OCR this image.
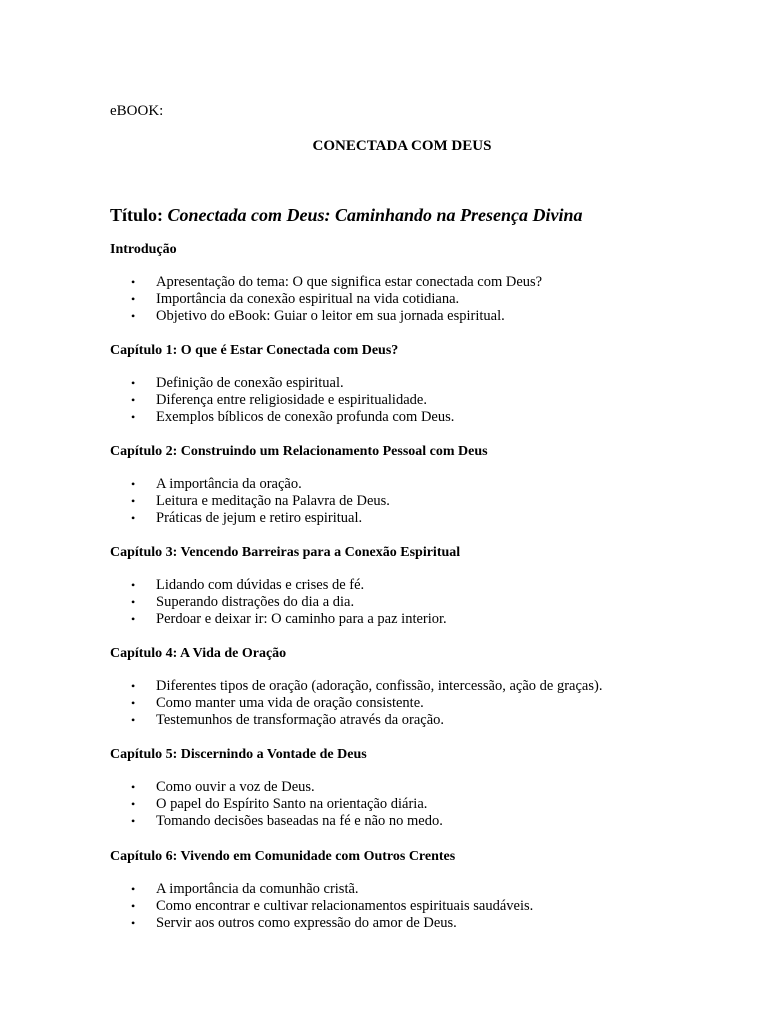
eBOOK:
CONECTADA COM DEUS
Título: Conectada com Deus: Caminhando na Presença Divina
Introdução
• Apresentação do tema: O que significa estar conectada com Deus?
• Importância da conexão espiritual na vida cotidiana.
• Objetivo do eBook: Guiar o leitor em sua jornada espiritual.
Capítulo 1: O que é Estar Conectada com Deus?
• Definição de conexão espiritual.
• Diferença entre religiosidade e espiritualidade.
• Exemplos bíblicos de conexão profunda com Deus.
Capítulo 2: Construindo um Relacionamento Pessoal com Deus
• A importância da oração.
• Leitura e meditação na Palavra de Deus.
• Práticas de jejum e retiro espiritual.
Capítulo 3: Vencendo Barreiras para a Conexão Espiritual
• Lidando com dúvidas e crises de fé.
• Superando distrações do dia a dia.
• Perdoar e deixar ir: O caminho para a paz interior.
Capítulo 4: A Vida de Oração
• Diferentes tipos de oração (adoração, confissão, intercessão, ação de graças).
• Como manter uma vida de oração consistente.
• Testemunhos de transformação através da oração.
Capítulo 5: Discernindo a Vontade de Deus
• Como ouvir a voz de Deus.
• O papel do Espírito Santo na orientação diária.
• Tomando decisões baseadas na fé e não no medo.
Capítulo 6: Vivendo em Comunidade com Outros Crentes
• A importância da comunhão cristã.
• Como encontrar e cultivar relacionamentos espirituais saudáveis.
• Servir aos outros como expressão do amor de Deus.
